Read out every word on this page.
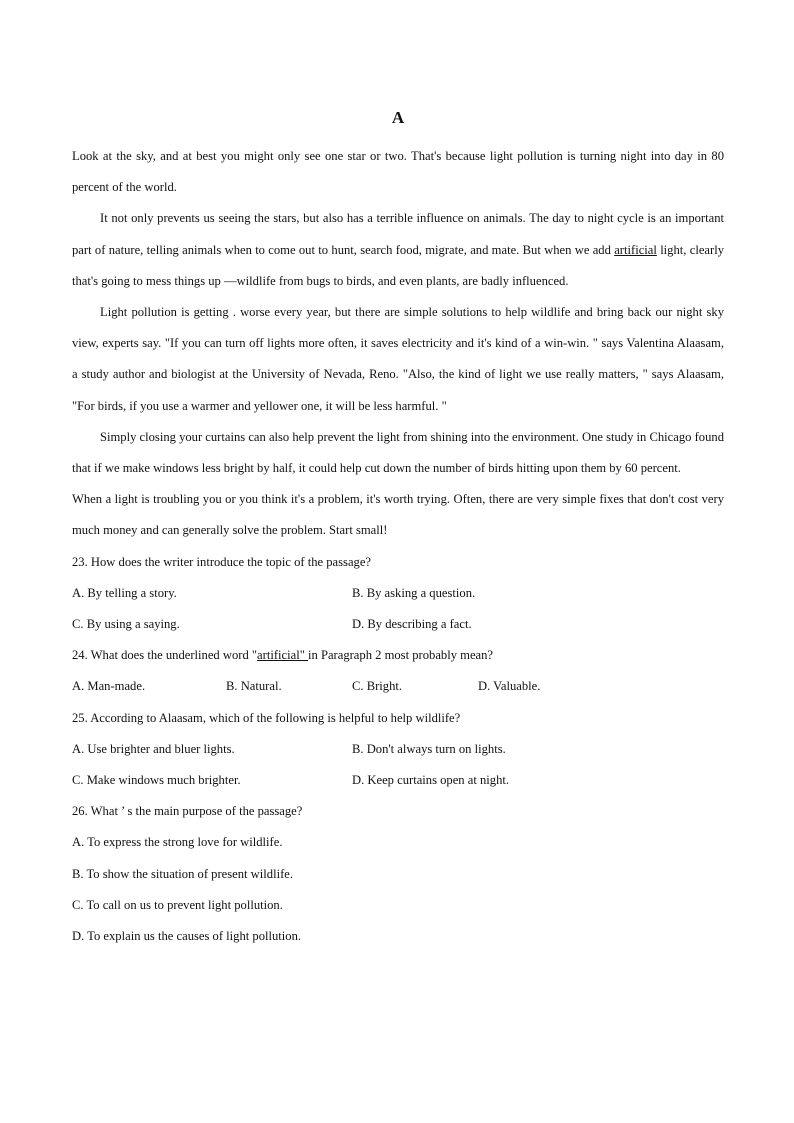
A

Look at the sky, and at best you might only see one star or two. That's because light pollution is turning night into day in 80 percent of the world.

It not only prevents us seeing the stars, but also has a terrible influence on animals. The day to night cycle is an important part of nature, telling animals when to come out to hunt, search food, migrate, and mate. But when we add artificial light, clearly that's going to mess things up —wildlife from bugs to birds, and even plants, are badly influenced.

Light pollution is getting . worse every year, but there are simple solutions to help wildlife and bring back our night sky view, experts say. "If you can turn off lights more often, it saves electricity and it's kind of a win-win. " says Valentina Alaasam, a study author and biologist at the University of Nevada, Reno. "Also, the kind of light we use really matters, " says Alaasam, "For birds, if you use a warmer and yellower one, it will be less harmful. "

Simply closing your curtains can also help prevent the light from shining into the environment. One study in Chicago found that if we make windows less bright by half, it could help cut down the number of birds hitting upon them by 60 percent.

When a light is troubling you or you think it's a problem, it's worth trying. Often, there are very simple fixes that don't cost very much money and can generally solve the problem. Start small!

23. How does the writer introduce the topic of the passage?

A. By telling a story.	B. By asking a question.
C. By using a saying.	D. By describing a fact.

24. What does the underlined word "artificial" in Paragraph 2 most probably mean?

A. Man-made.	B. Natural.	C. Bright.	D. Valuable.

25. According to Alaasam, which of the following is helpful to help wildlife?

A. Use brighter and bluer lights.	B. Don't always turn on lights.
C. Make windows much brighter.	D. Keep curtains open at night.

26. What ’ s the main purpose of the passage?

A. To express the strong love for wildlife.
B. To show the situation of present wildlife.
C. To call on us to prevent light pollution.
D. To explain us the causes of light pollution.
